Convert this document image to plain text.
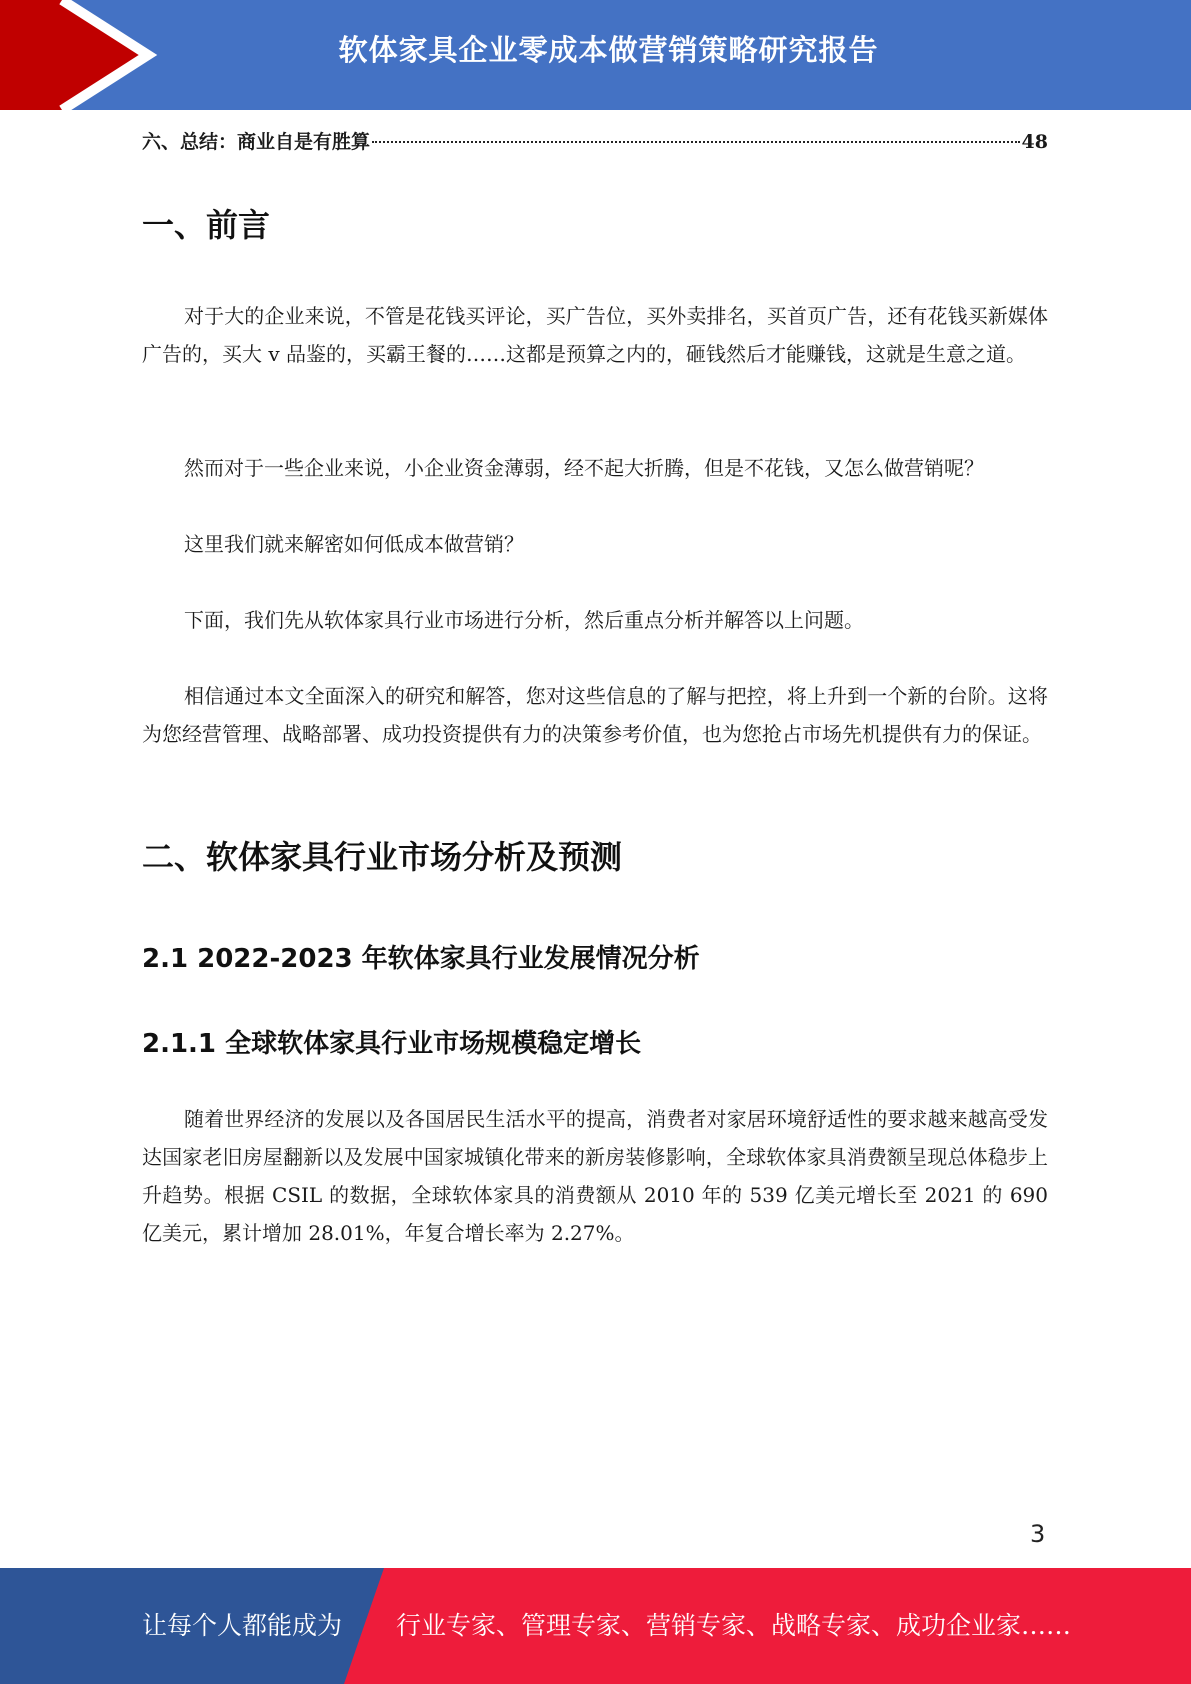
软体家具企业零成本做营销策略研究报告
六、总结：商业自是有胜算	48
一、前言

对于大的企业来说，不管是花钱买评论，买广告位，买外卖排名，买首页广告，还有花钱买新媒体广告的，买大 v 品鉴的，买霸王餐的……这都是预算之内的，砸钱然后才能赚钱，这就是生意之道。

然而对于一些企业来说，小企业资金薄弱，经不起大折腾，但是不花钱，又怎么做营销呢？

这里我们就来解密如何低成本做营销？

下面，我们先从软体家具行业市场进行分析，然后重点分析并解答以上问题。

相信通过本文全面深入的研究和解答，您对这些信息的了解与把控，将上升到一个新的台阶。这将为您经营管理、战略部署、成功投资提供有力的决策参考价值，也为您抢占市场先机提供有力的保证。

二、软体家具行业市场分析及预测
2.1 2022-2023 年软体家具行业发展情况分析
2.1.1 全球软体家具行业市场规模稳定增长

随着世界经济的发展以及各国居民生活水平的提高，消费者对家居环境舒适性的要求越来越高受发达国家老旧房屋翻新以及发展中国家城镇化带来的新房装修影响，全球软体家具消费额呈现总体稳步上升趋势。根据 CSIL 的数据，全球软体家具的消费额从 2010 年的 539 亿美元增长至 2021 的 690 亿美元，累计增加 28.01%，年复合增长率为 2.27%。

3
让每个人都能成为 行业专家、管理专家、营销专家、战略专家、成功企业家……
